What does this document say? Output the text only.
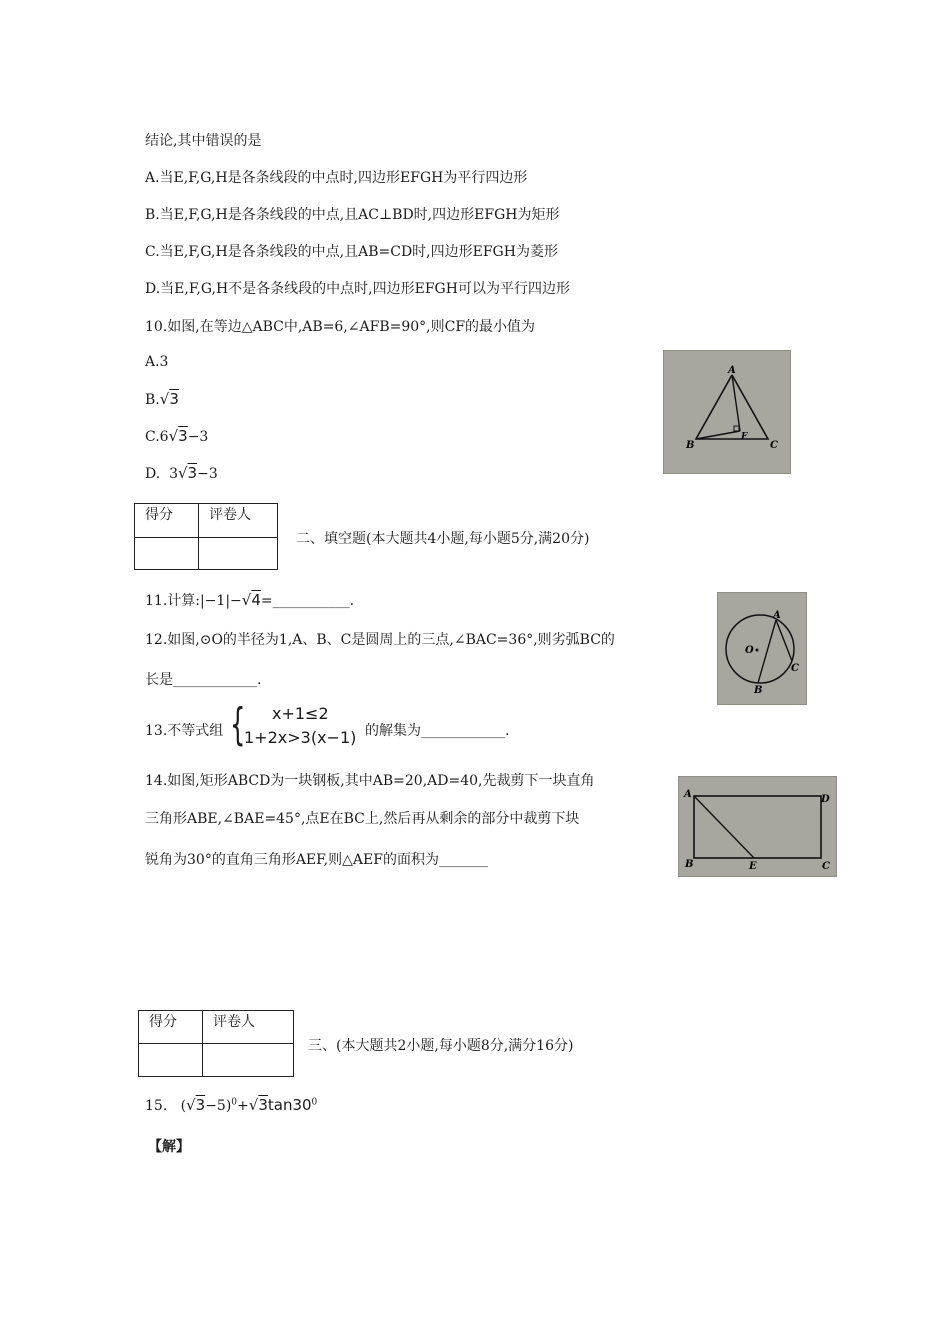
结论,其中错误的是
A.当E,F,G,H是各条线段的中点时,四边形EFGH为平行四边形
B.当E,F,G,H是各条线段的中点,且AC⊥BD时,四边形EFGH为矩形
C.当E,F,G,H是各条线段的中点,且AB=CD时,四边形EFGH为菱形
D.当E,F,G,H不是各条线段的中点时,四边形EFGH可以为平行四边形
10.如图,在等边△ABC中,AB=6,∠AFB=90°,则CF的最小值为
A.3
B.√3
C.6√3−3
D.  3√3−3
A
B	C
F
得分	评卷人

二、填空题(本大题共4小题,每小题5分,满20分)
11.计算:|−1|−√4=___________.
A
B
C
O
12.如图,⊙O的半径为1,A、B、C是圆周上的三点,∠BAC=36°,则劣弧BC的
长是____________.
13.不等式组 { x+1≤2
1+2x>3(x−1) 的解集为____________.
14.如图,矩形ABCD为一块钢板,其中AB=20,AD=40,先裁剪下一块直角
三角形ABE,∠BAE=45°,点E在BC上,然后再从剩余的部分中裁剪下块
锐角为30°的直角三角形AEF,则△AEF的面积为_______
A	D
B	E	C
得分	评卷人

三、(本大题共2小题,每小题8分,满分16分)
15.   $(√3-5)^0+√3\tan 30^0$
【解】
